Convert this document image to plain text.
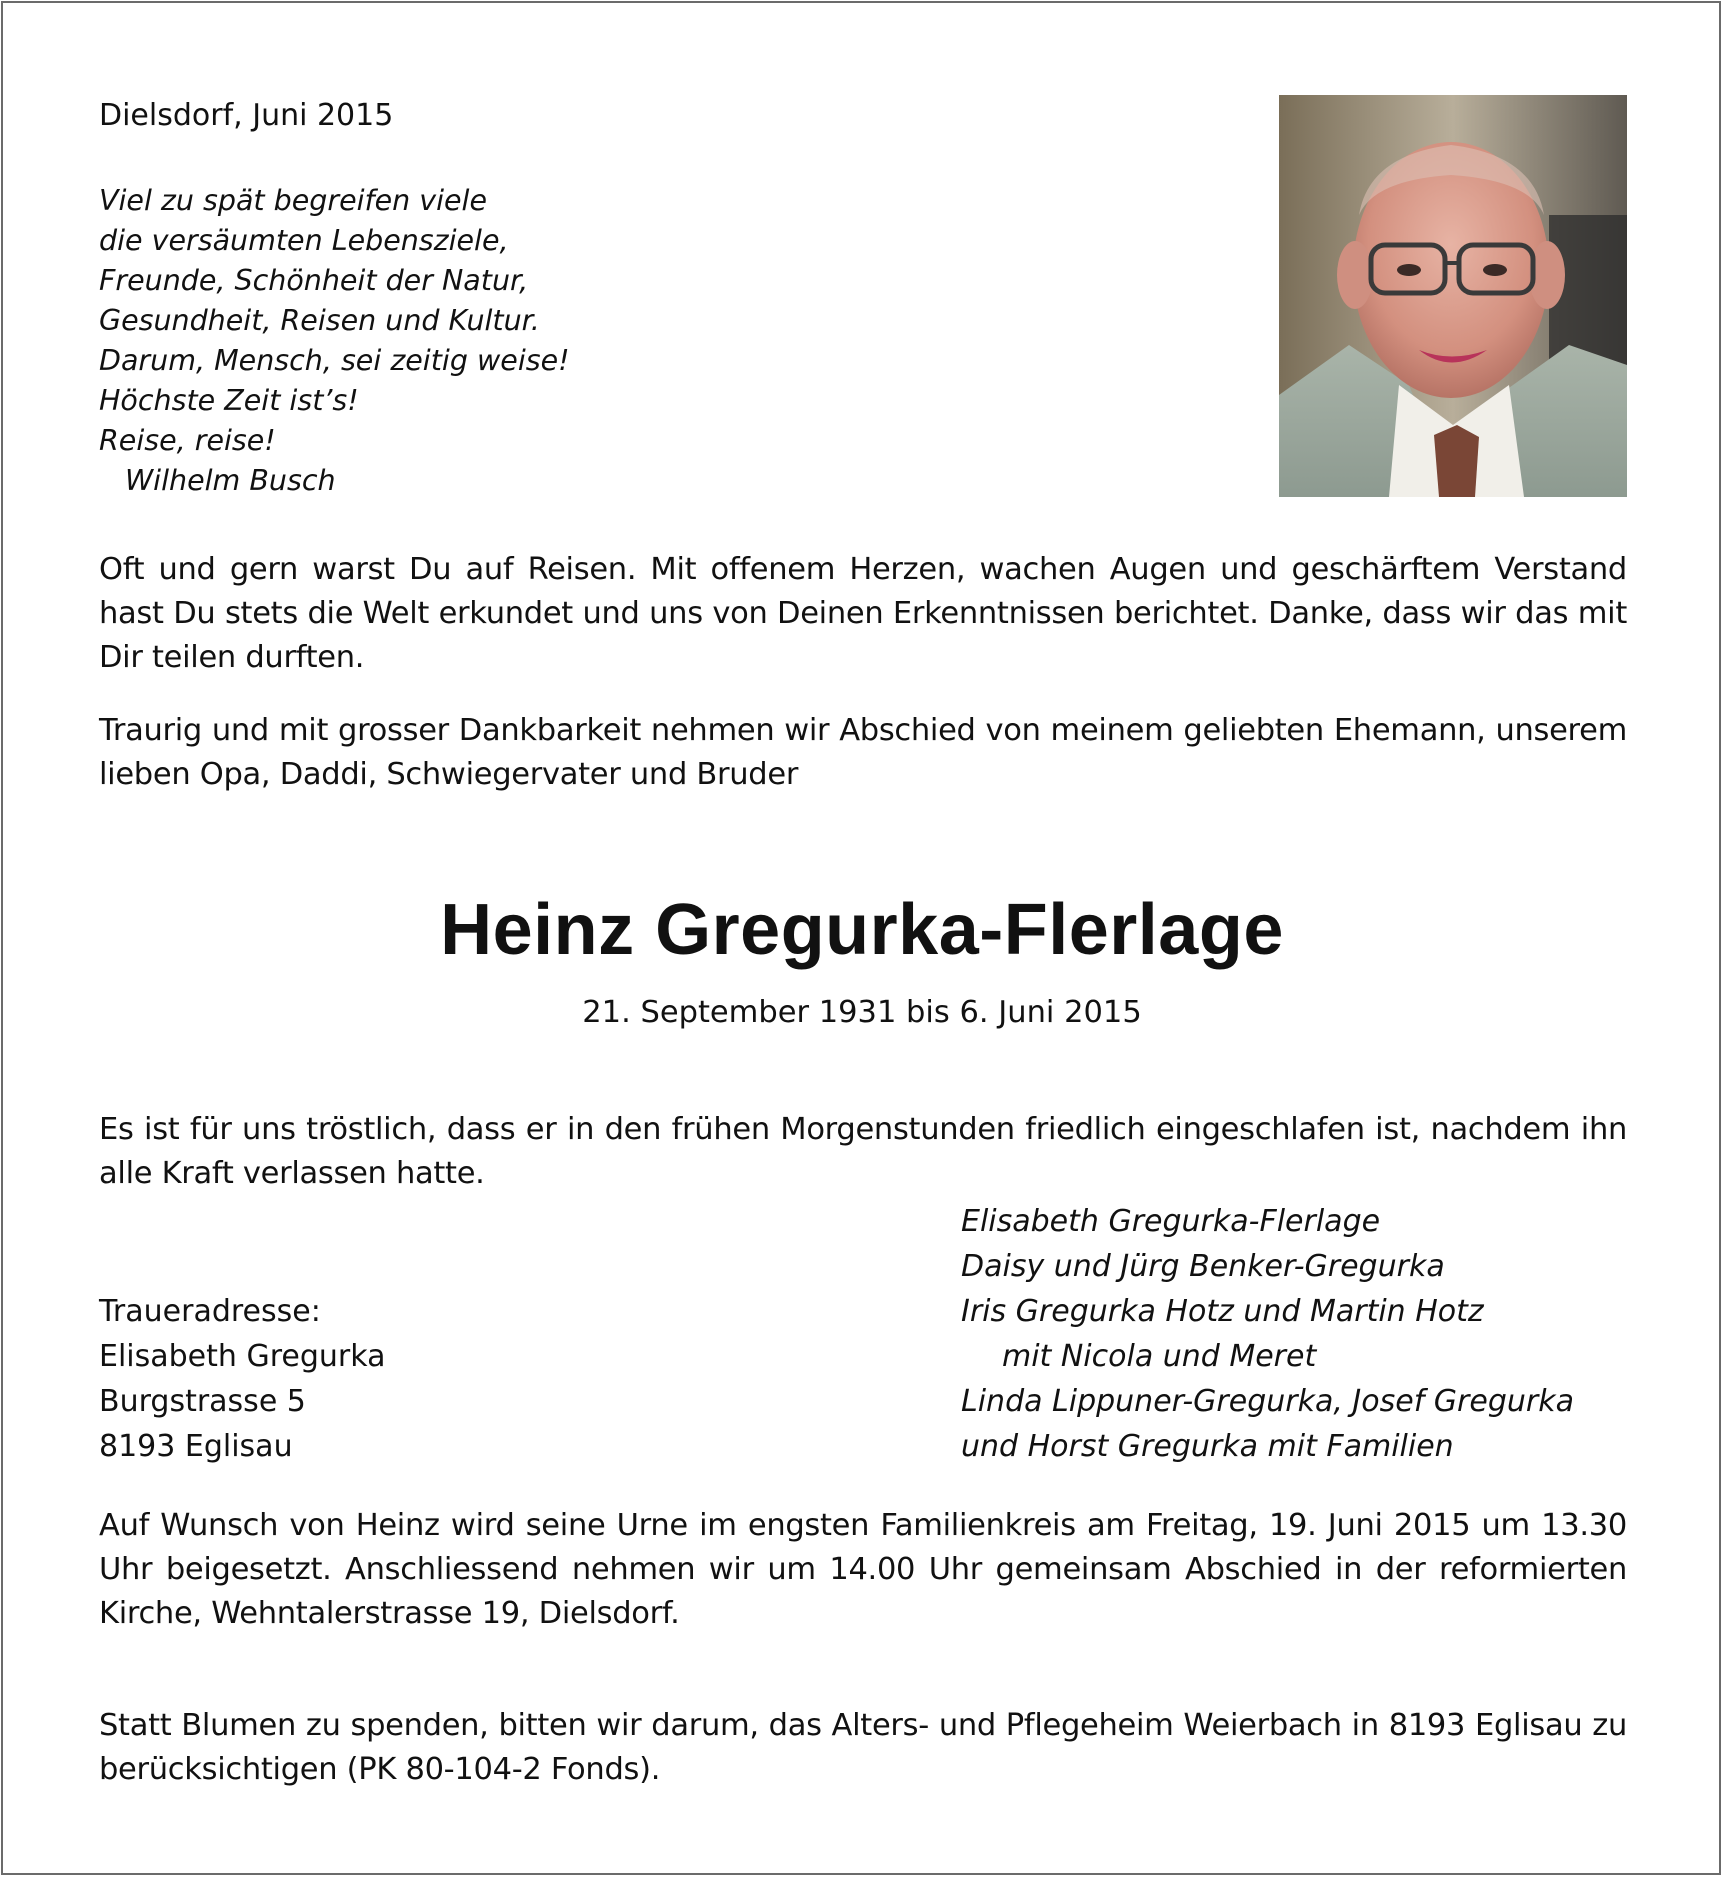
Dielsdorf, Juni 2015
Viel zu spät begreifen viele
die versäumten Lebensziele,
Freunde, Schönheit der Natur,
Gesundheit, Reisen und Kultur.
Darum, Mensch, sei zeitig weise!
Höchste Zeit ist’s!
Reise, reise!
Wilhelm Busch
Oft und gern warst Du auf Reisen. Mit offenem Herzen, wachen Augen und geschärftem Verstand hast Du stets die Welt erkundet und uns von Deinen Erkenntnissen berichtet. Danke, dass wir das mit Dir teilen durften.
Traurig und mit grosser Dankbarkeit nehmen wir Abschied von meinem geliebten Ehemann, unserem lieben Opa, Daddi, Schwiegervater und Bruder
Heinz Gregurka-Flerlage
21. September 1931 bis 6. Juni 2015
Es ist für uns tröstlich, dass er in den frühen Morgenstunden friedlich eingeschlafen ist, nachdem ihn alle Kraft verlassen hatte.
Elisabeth Gregurka-Flerlage
Daisy und Jürg Benker-Gregurka
Iris Gregurka Hotz und Martin Hotz
mit Nicola und Meret
Linda Lippuner-Gregurka, Josef Gregurka
und Horst Gregurka mit Familien
Traueradresse:
Elisabeth Gregurka
Burgstrasse 5
8193 Eglisau
Auf Wunsch von Heinz wird seine Urne im engsten Familienkreis am Freitag, 19. Juni 2015 um 13.30 Uhr beigesetzt. Anschliessend nehmen wir um 14.00 Uhr gemeinsam Abschied in der reformierten Kirche, Wehntalerstrasse 19, Dielsdorf.
Statt Blumen zu spenden, bitten wir darum, das Alters- und Pflegeheim Weierbach in 8193 Eglisau zu berücksichtigen (PK 80-104-2 Fonds).
